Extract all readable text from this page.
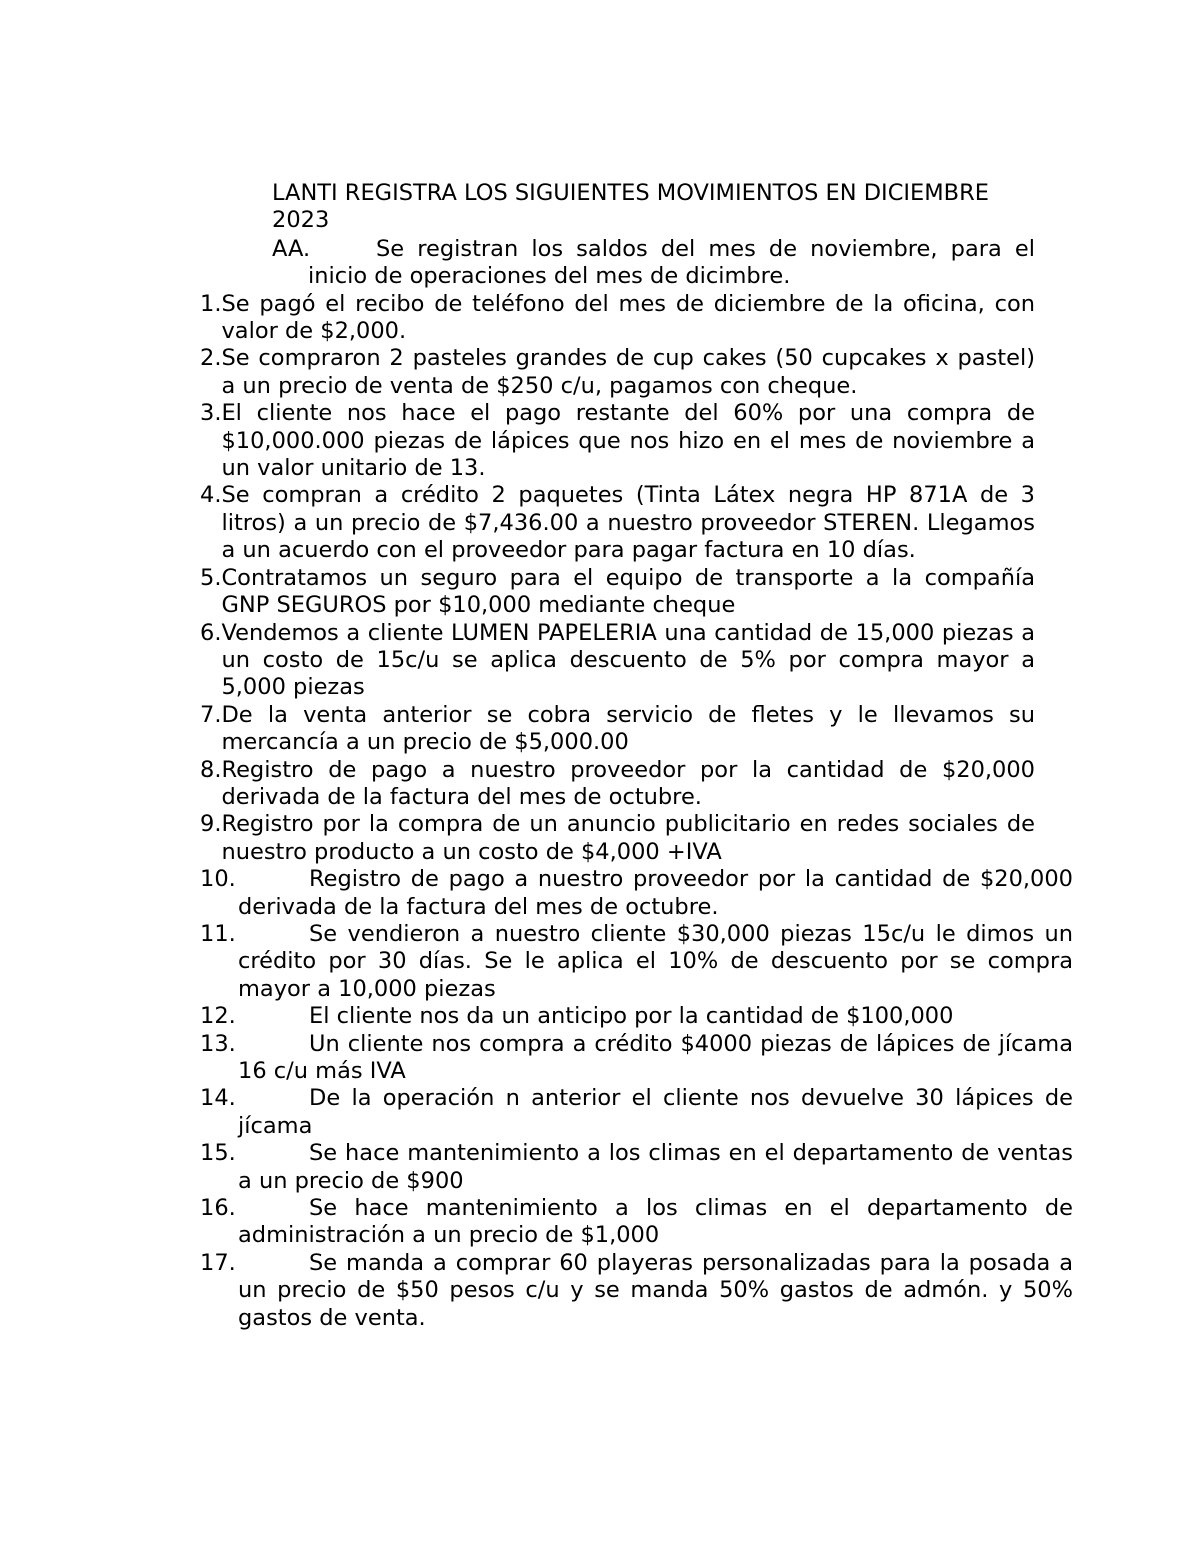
LANTI REGISTRA LOS SIGUIENTES MOVIMIENTOS EN DICIEMBRE
2023
AA.	Se registran los saldos del mes de noviembre, para el
inicio de operaciones del mes de dicimbre.
1. Se pagó el recibo de teléfono del mes de diciembre de la oficina, con valor de $2,000.
2. Se compraron 2 pasteles grandes de cup cakes (50 cupcakes x pastel) a un precio de venta de $250 c/u, pagamos con cheque.
3. El cliente nos hace el pago restante del 60% por una compra de $10,000.000 piezas de lápices que nos hizo en el mes de noviembre a un valor unitario de 13.
4. Se compran a crédito 2 paquetes (Tinta Látex negra HP 871A de 3 litros) a un precio de $7,436.00 a nuestro proveedor STEREN. Llegamos a un acuerdo con el proveedor para pagar factura en 10 días.
5. Contratamos un seguro para el equipo de transporte a la compañía GNP SEGUROS por $10,000 mediante cheque
6. Vendemos a cliente LUMEN PAPELERIA una cantidad de 15,000 piezas a un costo de 15c/u se aplica descuento de 5% por compra mayor a 5,000 piezas
7. De la venta anterior se cobra servicio de fletes y le llevamos su mercancía a un precio de $5,000.00
8. Registro de pago a nuestro proveedor por la cantidad de $20,000 derivada de la factura del mes de octubre.
9. Registro por la compra de un anuncio publicitario en redes sociales de nuestro producto a un costo de $4,000 +IVA
10.	Registro de pago a nuestro proveedor por la cantidad de $20,000 derivada de la factura del mes de octubre.
11.	Se vendieron a nuestro cliente $30,000 piezas 15c/u le dimos un crédito por 30 días. Se le aplica el 10% de descuento por se compra mayor a 10,000 piezas
12.	El cliente nos da un anticipo por la cantidad de $100,000
13.	Un cliente nos compra a crédito $4000 piezas de lápices de jícama 16 c/u más IVA
14.	De la operación n anterior el cliente nos devuelve 30 lápices de jícama
15.	Se hace mantenimiento a los climas en el departamento de ventas a un precio de $900
16.	Se hace mantenimiento a los climas en el departamento de administración a un precio de $1,000
17.	Se manda a comprar 60 playeras personalizadas para la posada a un precio de $50 pesos c/u y se manda 50% gastos de admón. y 50% gastos de venta.
